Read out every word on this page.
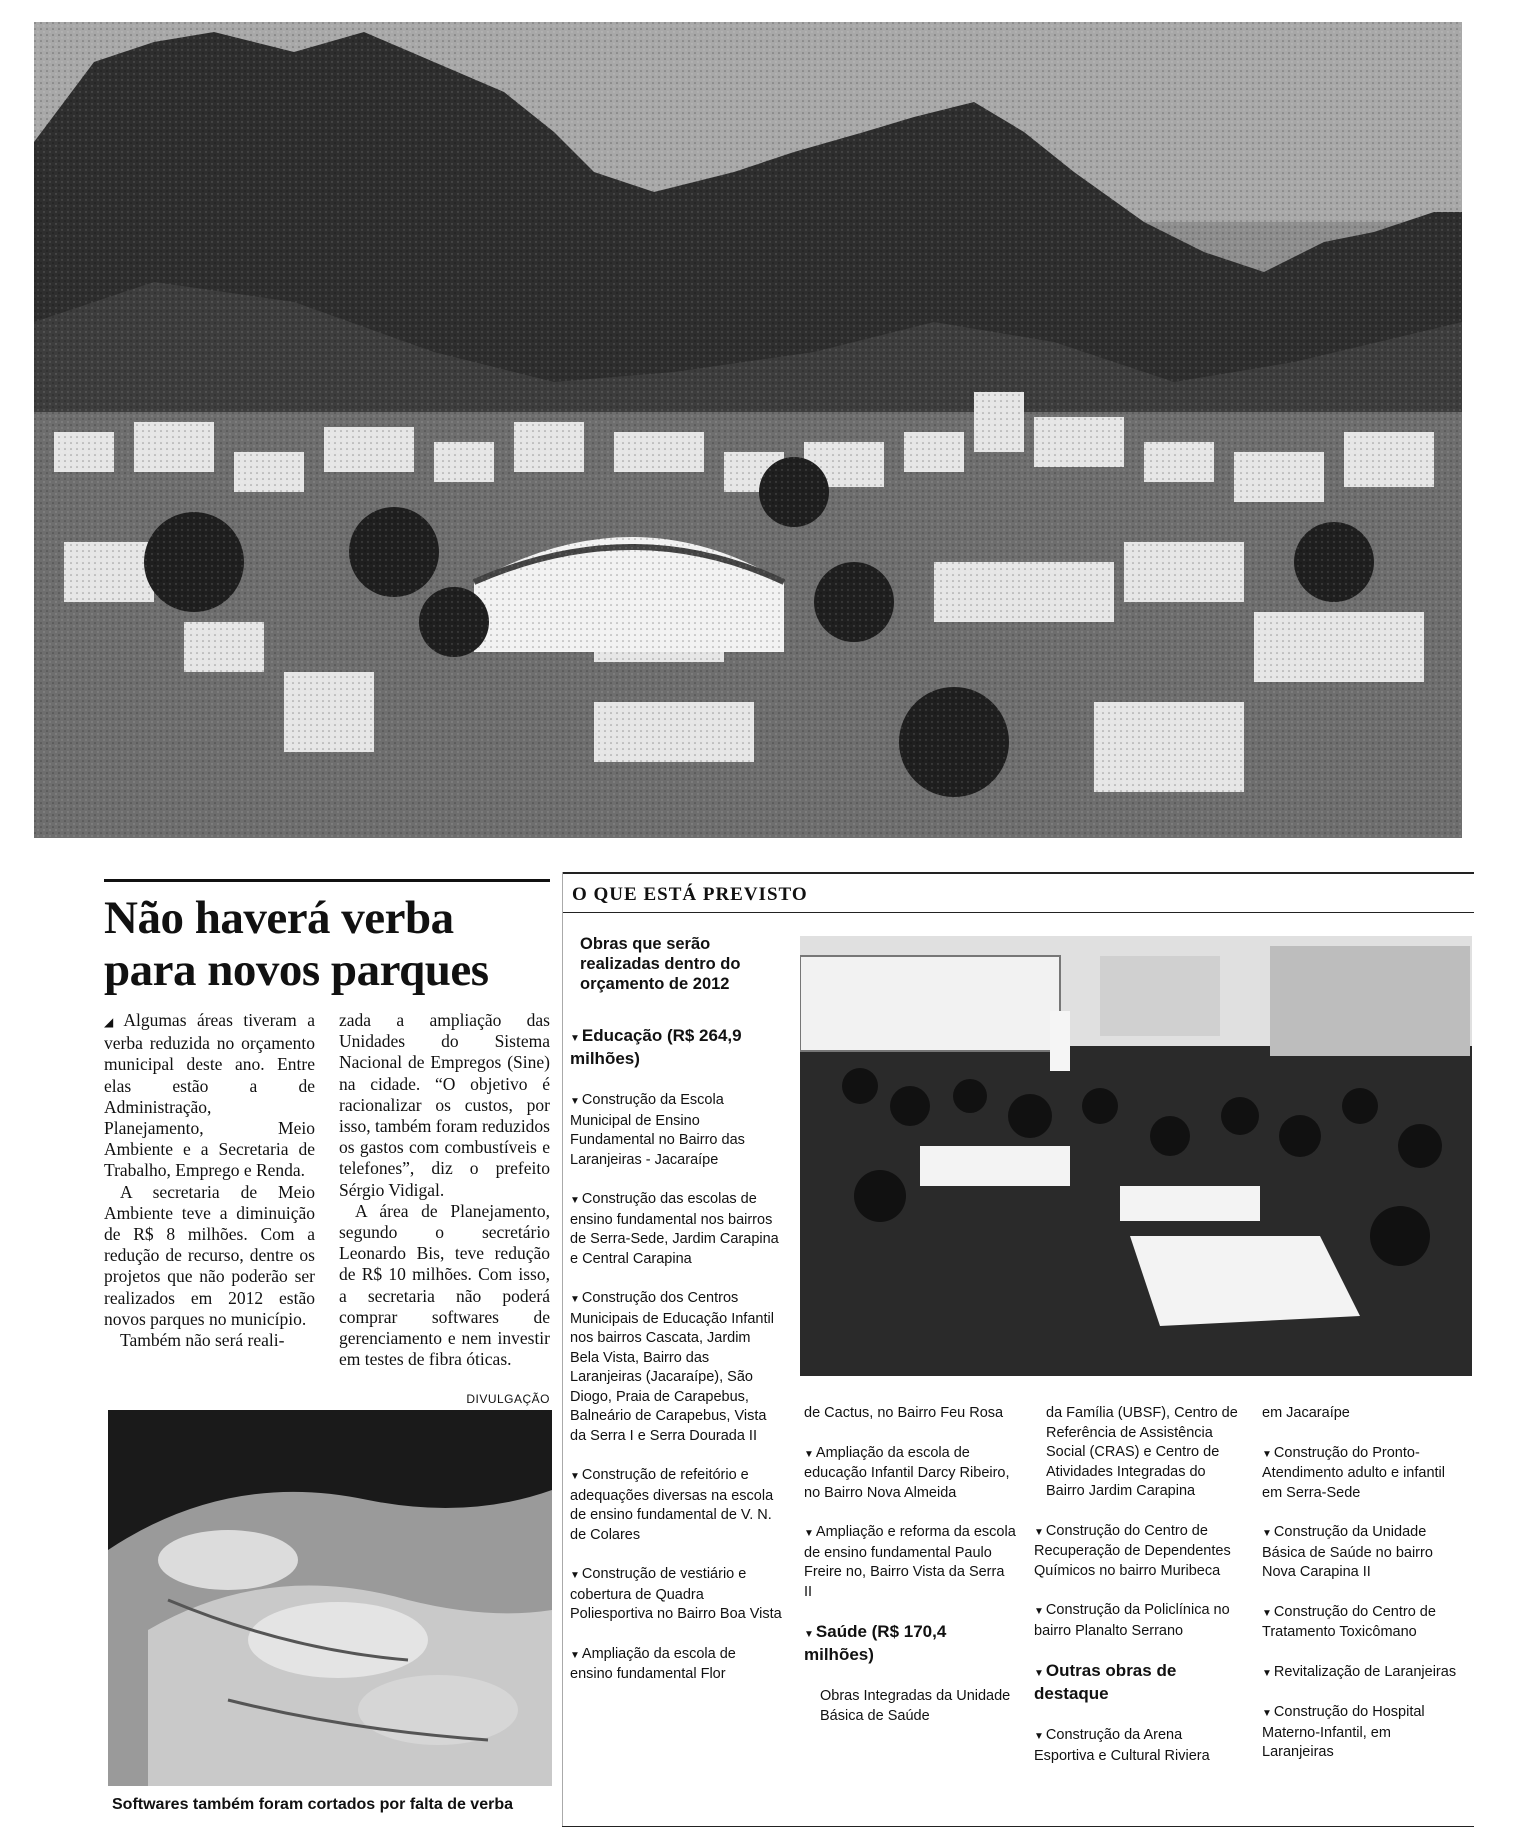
Não haverá verba
para novos parques

◢ Algumas áreas tiveram a verba reduzida no orçamento municipal deste ano. Entre elas estão a de Administração, Planejamento, Meio Ambiente e a Secretaria de Trabalho, Emprego e Renda.

A secretaria de Meio Ambiente teve a diminuição de R$ 8 milhões. Com a redução de recurso, dentre os projetos que não poderão ser realizados em 2012 estão novos parques no município.

Também não será reali-

zada a ampliação das Unidades do Sistema Nacional de Empregos (Sine) na cidade. “O objetivo é racionalizar os custos, por isso, também foram reduzidos os gastos com combustíveis e telefones”, diz o prefeito Sérgio Vidigal.

A área de Planejamento, segundo o secretário Leonardo Bis, teve redução de R$ 10 milhões. Com isso, a secretaria não poderá comprar softwares de gerenciamento e nem investir em testes de fibra óticas.

DIVULGAÇÃO
Softwares também foram cortados por falta de verba
O QUE ESTÁ PREVISTO
Obras que serão realizadas dentro do orçamento de 2012
▼ Educação (R$ 264,9 milhões)
▼ Construção da Escola Municipal de Ensino Fundamental no Bairro das Laranjeiras - Jacaraípe
▼ Construção das escolas de ensino fundamental nos bairros de Serra-Sede, Jardim Carapina e Central Carapina
▼ Construção dos Centros Municipais de Educação Infantil nos bairros Cascata, Jardim Bela Vista, Bairro das Laranjeiras (Jacaraípe), São Diogo, Praia de Carapebus, Balneário de Carapebus, Vista da Serra I e Serra Dourada II
▼ Construção de refeitório e adequações diversas na escola de ensino fundamental de V. N. de Colares
▼ Construção de vestiário e cobertura de Quadra Poliesportiva no Bairro Boa Vista
▼ Ampliação da escola de ensino fundamental Flor
de Cactus, no Bairro Feu Rosa
▼ Ampliação da escola de educação Infantil Darcy Ribeiro, no Bairro Nova Almeida
▼ Ampliação e reforma da escola de ensino fundamental Paulo Freire no, Bairro Vista da Serra II
▼ Saúde (R$ 170,4 milhões)
Obras Integradas da Unidade Básica de Saúde
da Família (UBSF), Centro de Referência de Assistência Social (CRAS) e Centro de Atividades Integradas do Bairro Jardim Carapina
▼ Construção do Centro de Recuperação de Dependentes Químicos no bairro Muribeca
▼ Construção da Policlínica no bairro Planalto Serrano
▼ Outras obras de destaque
▼ Construção da Arena Esportiva e Cultural Riviera
em Jacaraípe
▼ Construção do Pronto-Atendimento adulto e infantil em Serra-Sede
▼ Construção da Unidade Básica de Saúde no bairro Nova Carapina II
▼ Construção do Centro de Tratamento Toxicômano
▼ Revitalização de Laranjeiras
▼ Construção do Hospital Materno-Infantil, em Laranjeiras
